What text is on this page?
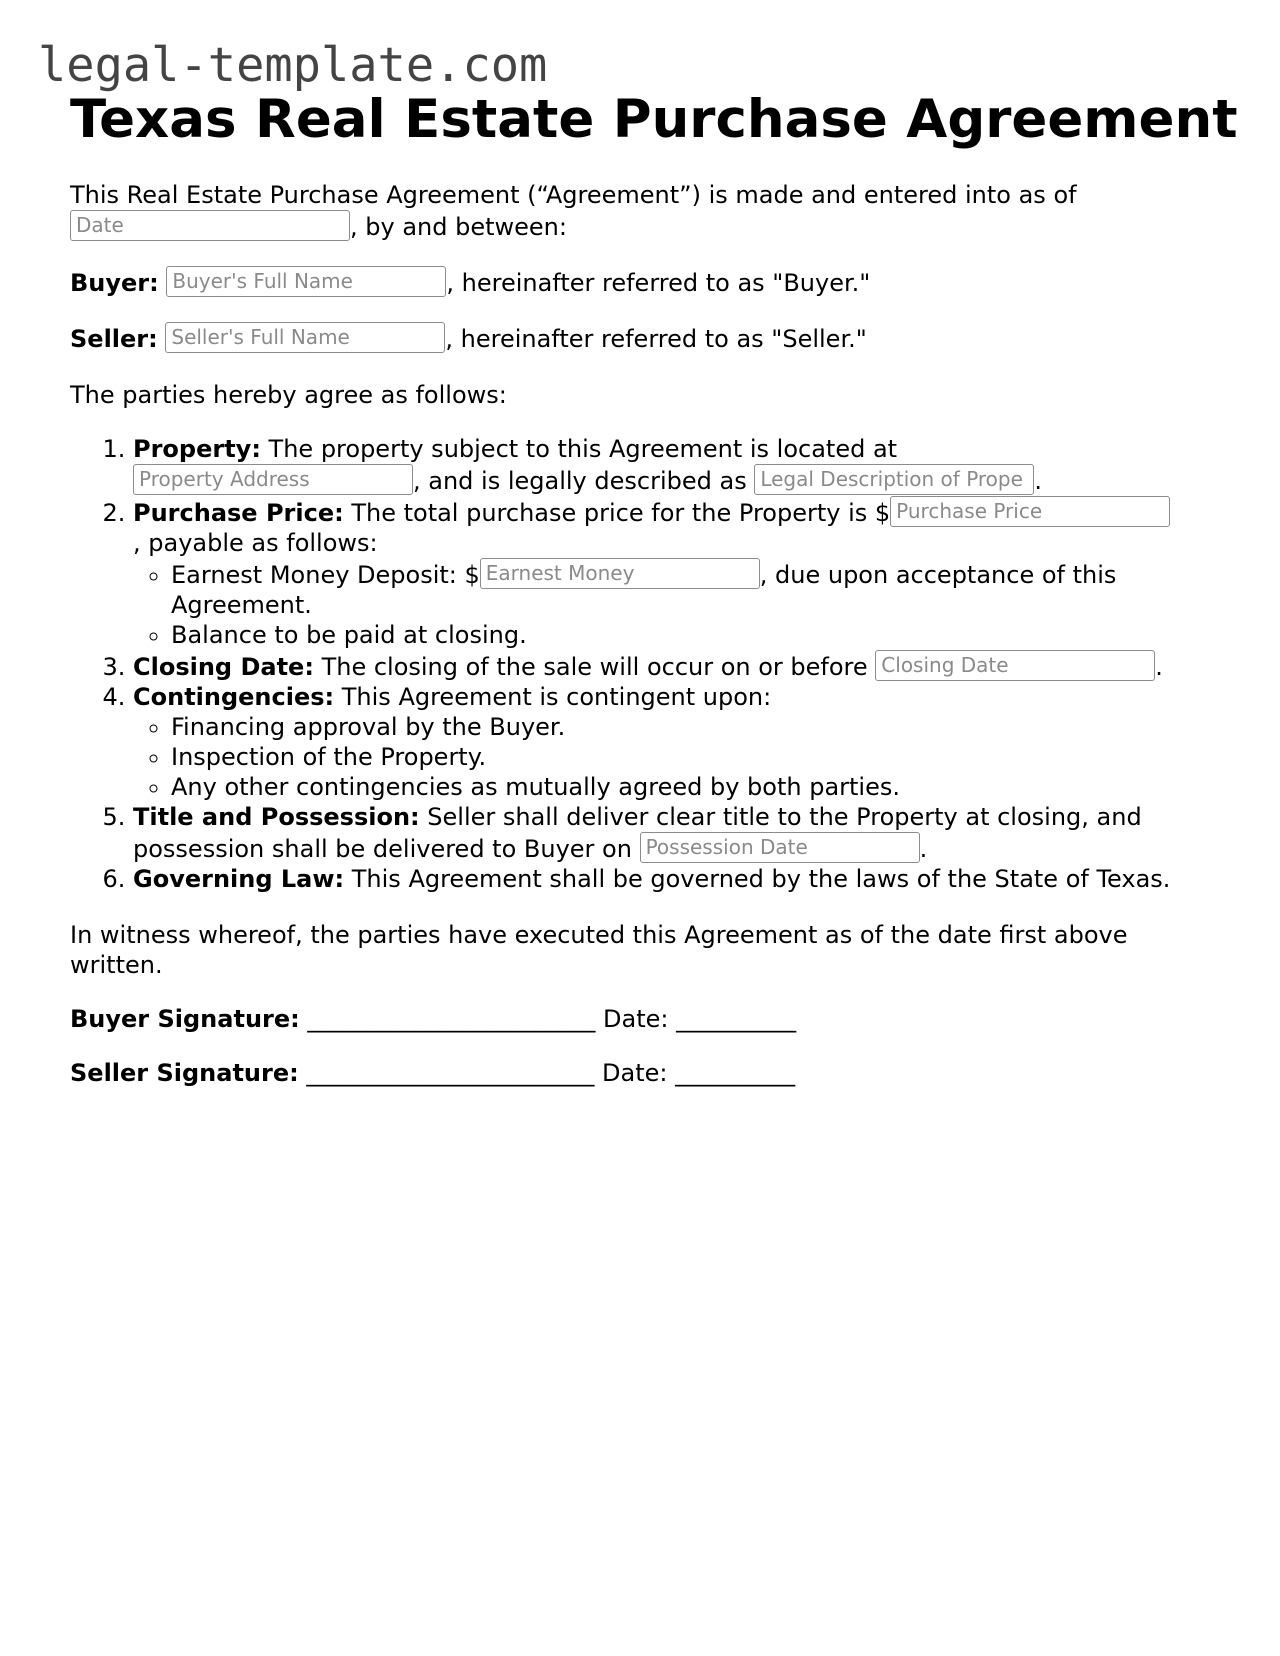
legal-template.com
Texas Real Estate Purchase Agreement

This Real Estate Purchase Agreement (“Agreement”) is made and entered into as of
Date	, by and between:

Buyer: Buyer's Full Name	, hereinafter referred to as "Buyer."

Seller: Seller's Full Name	, hereinafter referred to as "Seller."

The parties hereby agree as follows:

1. Property: The property subject to this Agreement is located at
Property Address	, and is legally described as Legal Description of Prope .
2. Purchase Price: The total purchase price for the Property is $ Purchase Price
, payable as follows:
◦ Earnest Money Deposit: $ Earnest Money	, due upon acceptance of this Agreement.
◦ Balance to be paid at closing.
3. Closing Date: The closing of the sale will occur on or before Closing Date	.
4. Contingencies: This Agreement is contingent upon:
◦ Financing approval by the Buyer.
◦ Inspection of the Property.
◦ Any other contingencies as mutually agreed by both parties.
5. Title and Possession: Seller shall deliver clear title to the Property at closing, and possession shall be delivered to Buyer on Possession Date	.
6. Governing Law: This Agreement shall be governed by the laws of the State of Texas.

In witness whereof, the parties have executed this Agreement as of the date first above written.

Buyer Signature: ________________________ Date: __________

Seller Signature: ________________________ Date: __________
